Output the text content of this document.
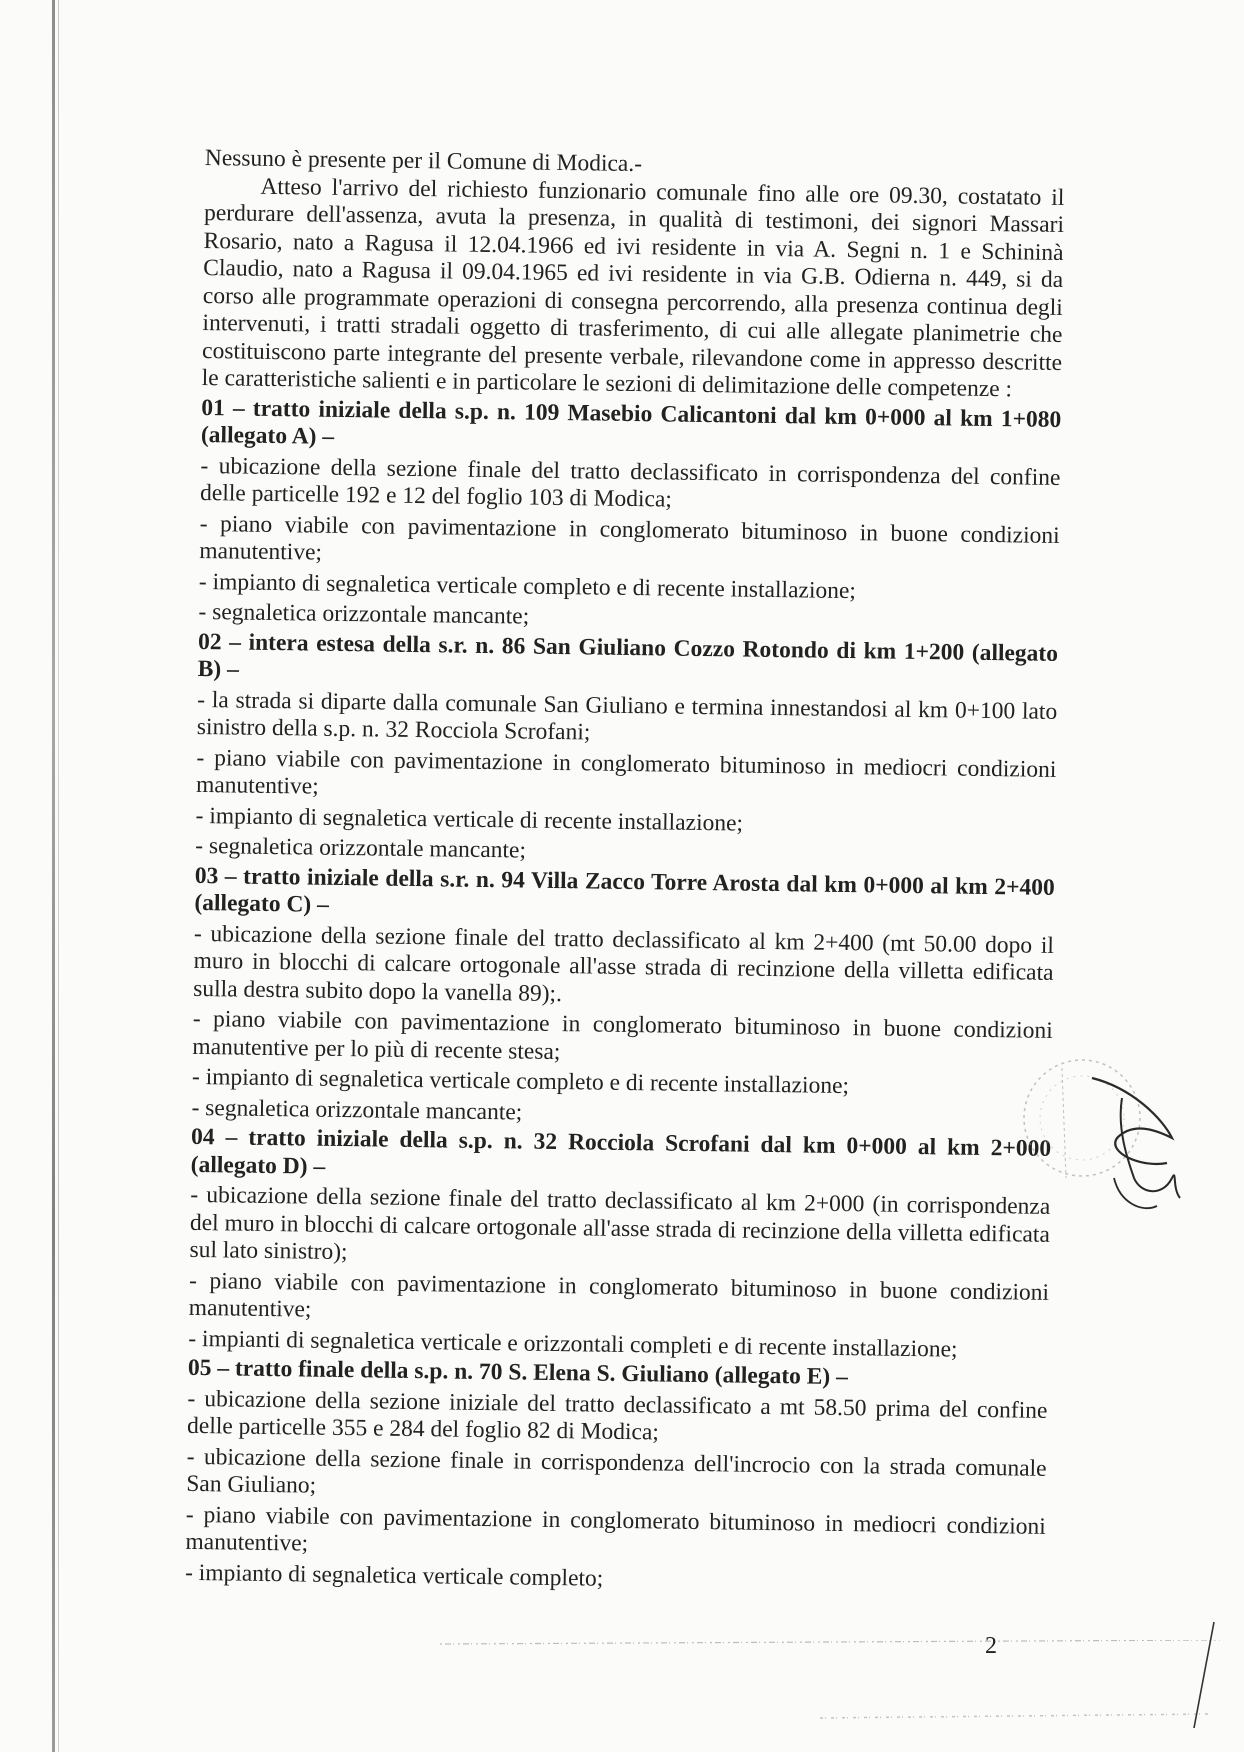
Nessuno è presente per il Comune di Modica.-

Atteso l'arrivo del richiesto funzionario comunale fino alle ore 09.30, costatato il perdurare dell'assenza, avuta la presenza, in qualità di testimoni, dei signori Massari Rosario, nato a Ragusa il 12.04.1966 ed ivi residente in via A. Segni n. 1 e Schininà Claudio, nato a Ragusa il 09.04.1965 ed ivi residente in via G.B. Odierna n. 449, si da corso alle programmate operazioni di consegna percorrendo, alla presenza continua degli intervenuti, i tratti stradali oggetto di trasferimento, di cui alle allegate planimetrie che costituiscono parte integrante del presente verbale, rilevandone come in appresso descritte le caratteristiche salienti e in particolare le sezioni di delimitazione delle competenze :

01 – tratto iniziale della s.p. n. 109 Masebio Calicantoni dal km 0+000 al km 1+080 (allegato A) –

- ubicazione della sezione finale del tratto declassificato in corrispondenza del confine delle particelle 192 e 12 del foglio 103 di Modica;

- piano viabile con pavimentazione in conglomerato bituminoso in buone condizioni manutentive;

- impianto di segnaletica verticale completo e di recente installazione;

- segnaletica orizzontale mancante;

02 – intera estesa della s.r. n. 86 San Giuliano Cozzo Rotondo di km 1+200 (allegato B) –

- la strada si diparte dalla comunale San Giuliano e termina innestandosi al km 0+100 lato sinistro della s.p. n. 32 Rocciola Scrofani;

- piano viabile con pavimentazione in conglomerato bituminoso in mediocri condizioni manutentive;

- impianto di segnaletica verticale di recente installazione;

- segnaletica orizzontale mancante;

03 – tratto iniziale della s.r. n. 94 Villa Zacco Torre Arosta dal km 0+000 al km 2+400 (allegato C) –

- ubicazione della sezione finale del tratto declassificato al km 2+400 (mt 50.00 dopo il muro in blocchi di calcare ortogonale all'asse strada di recinzione della villetta edificata sulla destra subito dopo la vanella 89);.

- piano viabile con pavimentazione in conglomerato bituminoso in buone condizioni manutentive per lo più di recente stesa;

- impianto di segnaletica verticale completo e di recente installazione;

- segnaletica orizzontale mancante;

04 – tratto iniziale della s.p. n. 32 Rocciola Scrofani dal km 0+000 al km 2+000 (allegato D) –

- ubicazione della sezione finale del tratto declassificato al km 2+000 (in corrispondenza del muro in blocchi di calcare ortogonale all'asse strada di recinzione della villetta edificata sul lato sinistro);

- piano viabile con pavimentazione in conglomerato bituminoso in buone condizioni manutentive;

- impianti di segnaletica verticale e orizzontali completi e di recente installazione;

05 – tratto finale della s.p. n. 70 S. Elena S. Giuliano (allegato E) –

- ubicazione della sezione iniziale del tratto declassificato a mt 58.50 prima del confine delle particelle 355 e 284 del foglio 82 di Modica;

- ubicazione della sezione finale in corrispondenza dell'incrocio con la strada comunale San Giuliano;

- piano viabile con pavimentazione in conglomerato bituminoso in mediocri condizioni manutentive;

- impianto di segnaletica verticale completo;

2
